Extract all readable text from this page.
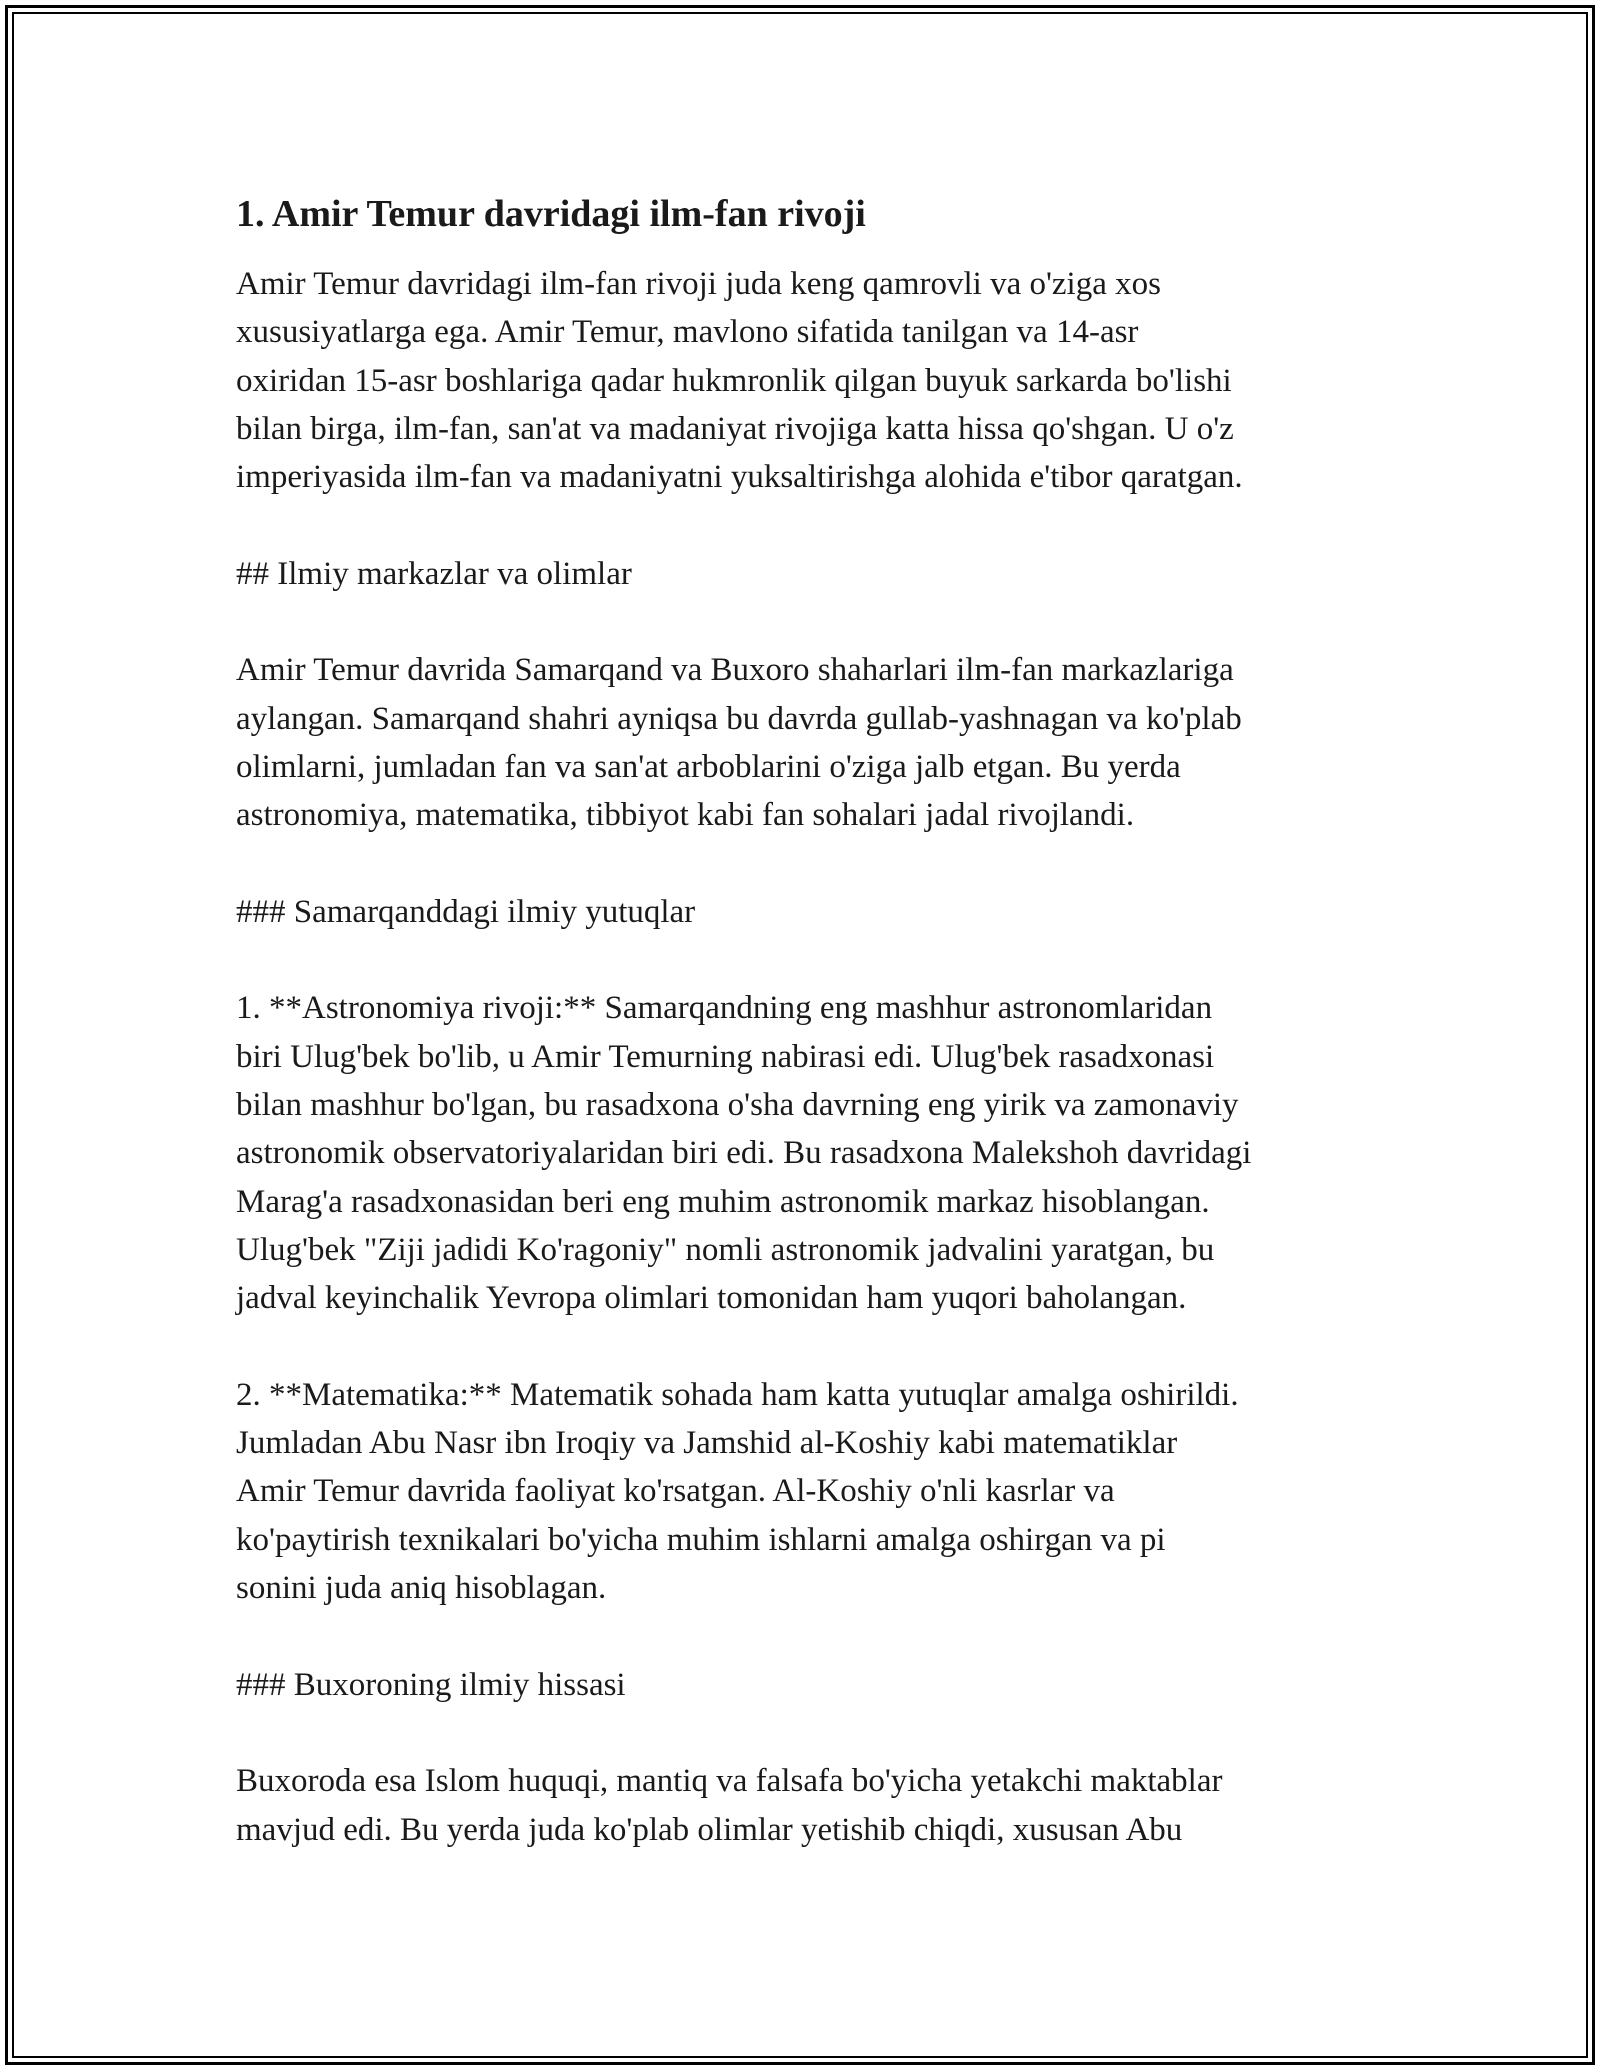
1. Amir Temur davridagi ilm-fan rivoji
Amir Temur davridagi ilm-fan rivoji juda keng qamrovli va o'ziga xos
xususiyatlarga ega. Amir Temur, mavlono sifatida tanilgan va 14-asr
oxiridan 15-asr boshlariga qadar hukmronlik qilgan buyuk sarkarda bo'lishi
bilan birga, ilm-fan, san'at va madaniyat rivojiga katta hissa qo'shgan. U o'z
imperiyasida ilm-fan va madaniyatni yuksaltirishga alohida e'tibor qaratgan.
## Ilmiy markazlar va olimlar
Amir Temur davrida Samarqand va Buxoro shaharlari ilm-fan markazlariga
aylangan. Samarqand shahri ayniqsa bu davrda gullab-yashnagan va ko'plab
olimlarni, jumladan fan va san'at arboblarini o'ziga jalb etgan. Bu yerda
astronomiya, matematika, tibbiyot kabi fan sohalari jadal rivojlandi.
### Samarqanddagi ilmiy yutuqlar
1. **Astronomiya rivoji:** Samarqandning eng mashhur astronomlaridan
biri Ulug'bek bo'lib, u Amir Temurning nabirasi edi. Ulug'bek rasadxonasi
bilan mashhur bo'lgan, bu rasadxona o'sha davrning eng yirik va zamonaviy
astronomik observatoriyalaridan biri edi. Bu rasadxona Malekshoh davridagi
Marag'a rasadxonasidan beri eng muhim astronomik markaz hisoblangan.
Ulug'bek "Ziji jadidi Ko'ragoniy" nomli astronomik jadvalini yaratgan, bu
jadval keyinchalik Yevropa olimlari tomonidan ham yuqori baholangan.
2. **Matematika:** Matematik sohada ham katta yutuqlar amalga oshirildi.
Jumladan Abu Nasr ibn Iroqiy va Jamshid al-Koshiy kabi matematiklar
Amir Temur davrida faoliyat ko'rsatgan. Al-Koshiy o'nli kasrlar va
ko'paytirish texnikalari bo'yicha muhim ishlarni amalga oshirgan va pi
sonini juda aniq hisoblagan.
### Buxoroning ilmiy hissasi
Buxoroda esa Islom huquqi, mantiq va falsafa bo'yicha yetakchi maktablar
mavjud edi. Bu yerda juda ko'plab olimlar yetishib chiqdi, xususan Abu
